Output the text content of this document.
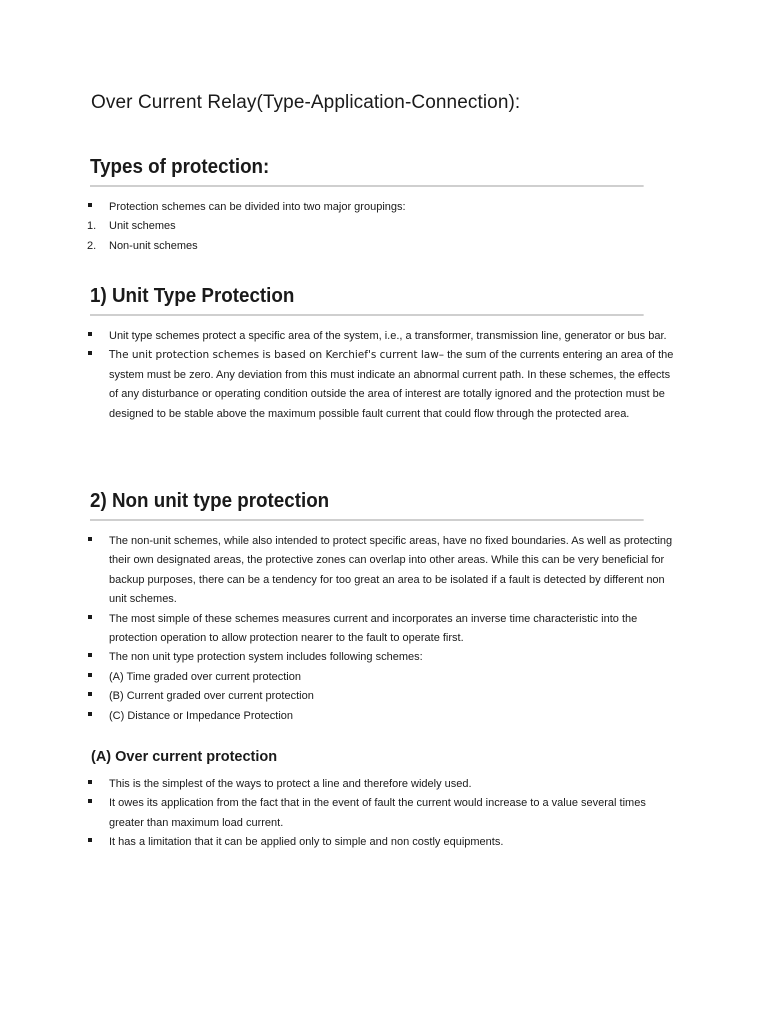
Over Current Relay(Type-Application-Connection):
Types of protection:
Protection schemes can be divided into two major groupings:
1. Unit schemes
2. Non-unit schemes
1) Unit Type Protection
Unit type schemes protect a specific area of the system, i.e., a transformer, transmission line, generator or bus bar.
The unit protection schemes is based on Kerchief's current law– the sum of the currents entering an area of the system must be zero. Any deviation from this must indicate an abnormal current path. In these schemes, the effects of any disturbance or operating condition outside the area of interest are totally ignored and the protection must be designed to be stable above the maximum possible fault current that could flow through the protected area.
2) Non unit type protection
The non-unit schemes, while also intended to protect specific areas, have no fixed boundaries. As well as protecting their own designated areas, the protective zones can overlap into other areas. While this can be very beneficial for backup purposes, there can be a tendency for too great an area to be isolated if a fault is detected by different non unit schemes.
The most simple of these schemes measures current and incorporates an inverse time characteristic into the protection operation to allow protection nearer to the fault to operate first.
The non unit type protection system includes following schemes:
(A) Time graded over current protection
(B) Current graded over current protection
(C) Distance or Impedance Protection
(A) Over current protection
This is the simplest of the ways to protect a line and therefore widely used.
It owes its application from the fact that in the event of fault the current would increase to a value several times greater than maximum load current.
It has a limitation that it can be applied only to simple and non costly equipments.
